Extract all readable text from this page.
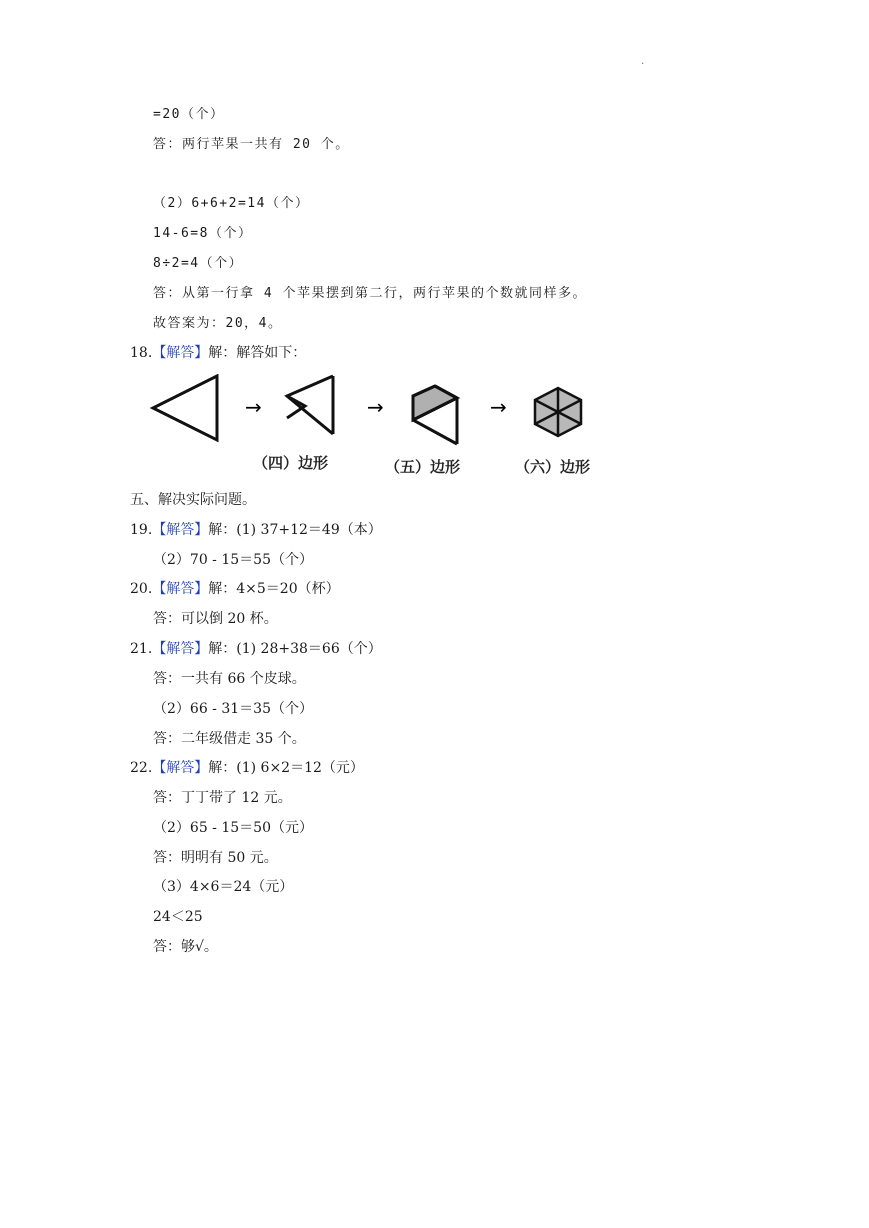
.
=20（个）
答：两行苹果一共有 20 个。
（2）6+6+2=14（个）
14-6=8（个）
8÷2=4（个）
答：从第一行拿 4 个苹果摆到第二行，两行苹果的个数就同样多。
故答案为：20，4。
18.【解答】解：解答如下：
→	→	→
（四）边形	（五）边形	（六）边形
五、解决实际问题。
19.【解答】解：(1) 37+12＝49（本）
（2）70 - 15＝55（个）
20.【解答】解：4×5＝20（杯）
答：可以倒 20 杯。
21.【解答】解：(1) 28+38＝66（个）
答：一共有 66 个皮球。
（2）66 - 31＝35（个）
答：二年级借走 35 个。
22.【解答】解：(1) 6×2＝12（元）
答：丁丁带了 12 元。
（2）65 - 15＝50（元）
答：明明有 50 元。
（3）4×6＝24（元）
24＜25
答：够√。
